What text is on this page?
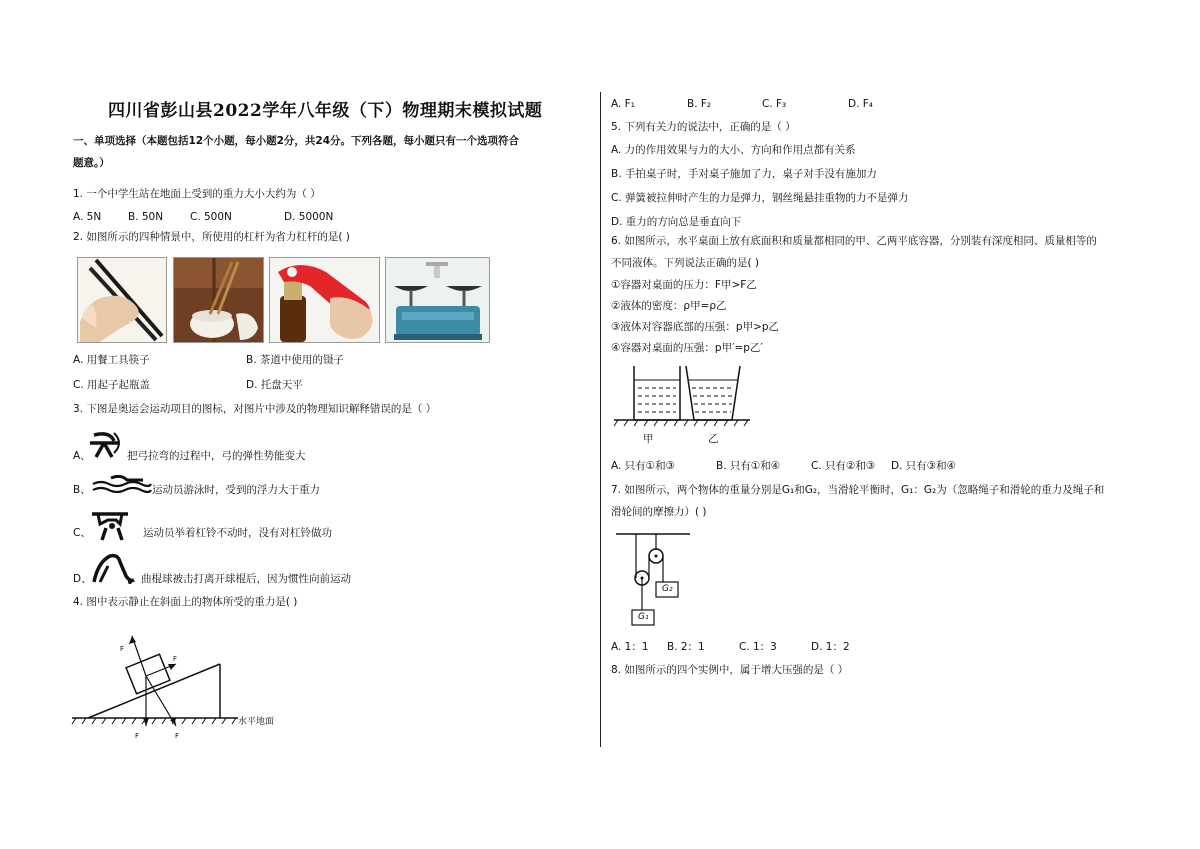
四川省彭山县2022学年八年级（下）物理期末模拟试题
一、单项选择（本题包括12个小题，每小题2分，共24分。下列各题，每小题只有一个选项符合
题意。）
1. 一个中学生站在地面上受到的重力大小大约为（ ）
A. 5N	B. 50N	C. 500N	D. 5000N
2. 如图所示的四种情景中，所使用的杠杆为省力杠杆的是( )
A. 用餐工具筷子	B. 茶道中使用的镊子
C. 用起子起瓶盖	D. 托盘天平
3. 下图是奥运会运动项目的图标，对图片中涉及的物理知识解释错误的是（ ）
A、	把弓拉弯的过程中，弓的弹性势能变大
B、	运动员游泳时，受到的浮力大于重力
C、	运动员举着杠铃不动时，没有对杠铃做功
D、	曲棍球被击打离开球棍后，因为惯性向前运动
4. 图中表示静止在斜面上的物体所受的重力是( )
F
F
F	F
水平地面
A. F₁	B. F₂	C. F₃	D. F₄
5. 下列有关力的说法中，正确的是（ ）
A. 力的作用效果与力的大小、方向和作用点都有关系
B. 手拍桌子时，手对桌子施加了力，桌子对手没有施加力
C. 弹簧被拉伸时产生的力是弹力，钢丝绳悬挂重物的力不是弹力
D. 重力的方向总是垂直向下
6. 如图所示，水平桌面上放有底面积和质量都相同的甲、乙两平底容器，分别装有深度相同、质量相等的
不同液体。下列说法正确的是( )
①容器对桌面的压力：F甲>F乙
②液体的密度：ρ甲=ρ乙
③液体对容器底部的压强：p甲>p乙
④容器对桌面的压强：p甲′=p乙′
甲	乙
A. 只有①和③	B. 只有①和④	C. 只有②和③ D. 只有③和④
7. 如图所示，两个物体的重量分别是G₁和G₂，当滑轮平衡时，G₁：G₂为（忽略绳子和滑轮的重力及绳子和
滑轮间的摩擦力）( )
G₁
G₂
A. 1：1 B. 2：1	C. 1：3	D. 1：2
8. 如图所示的四个实例中，属于增大压强的是（ ）
